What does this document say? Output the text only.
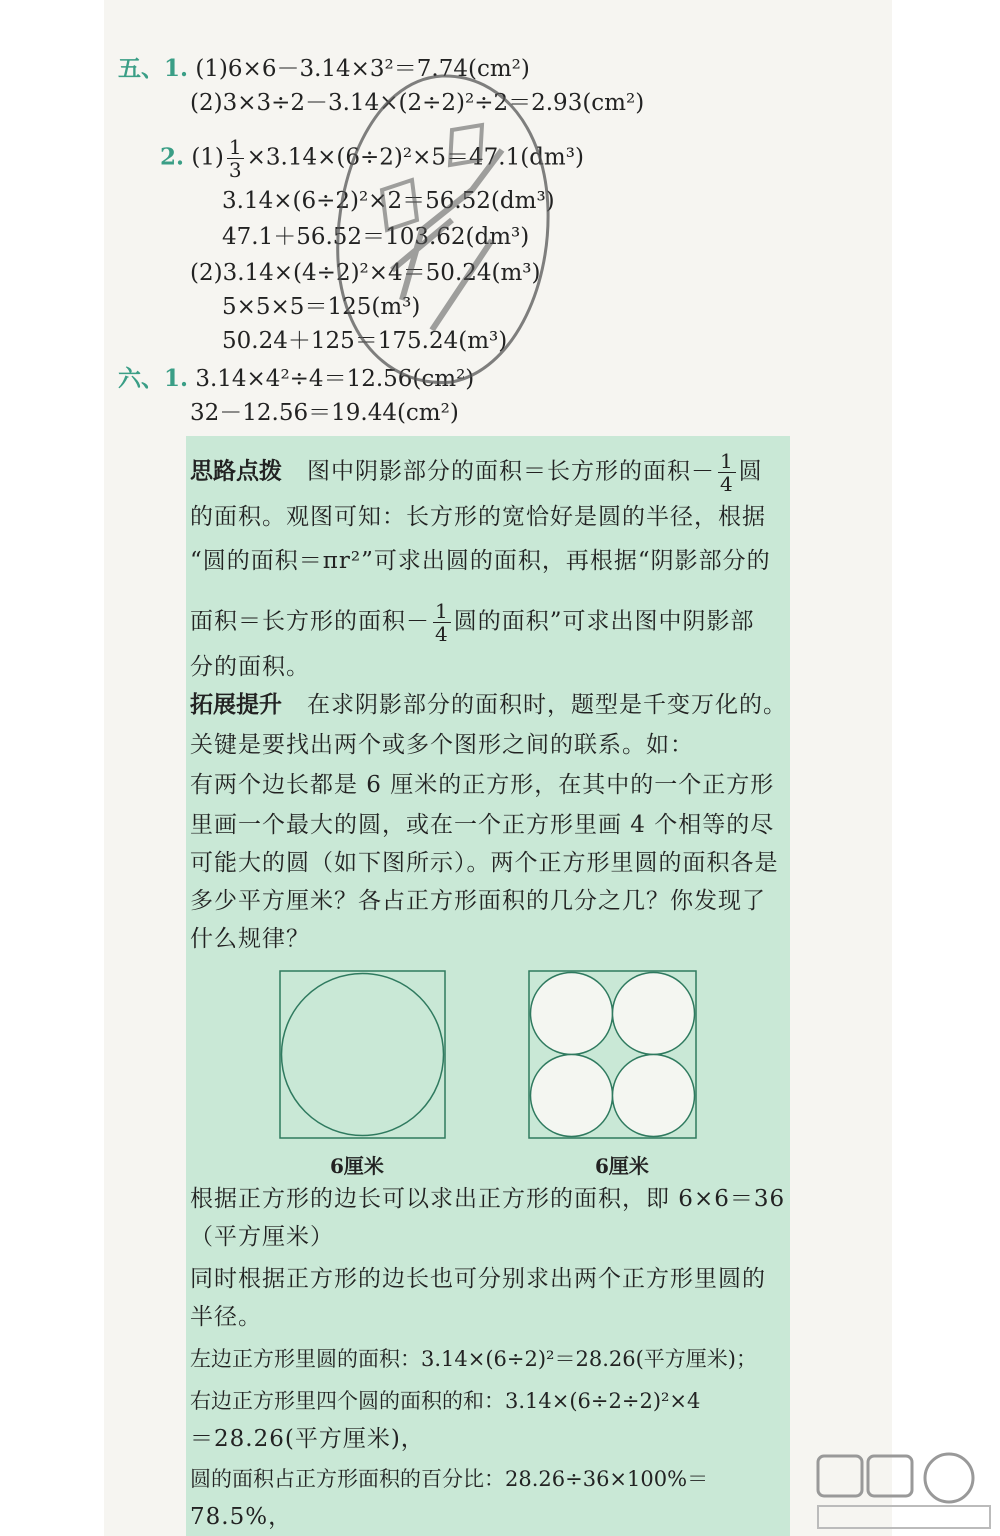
五、1. (1)6×6－3.14×3²＝7.74(cm²)
(2)3×3÷2－3.14×(2÷2)²÷2＝2.93(cm²)
2. $(1) \frac{1}{3} \times 3.14\times(6\div 2)^2\times 5=47.1(dm^3)$
3.14×(6÷2)²×2＝56.52(dm³)
47.1＋56.52＝103.62(dm³)
(2)3.14×(4÷2)²×4＝50.24(m³)
5×5×5＝125(m³)
50.24＋125＝175.24(m³)
六、1. 3.14×4²÷4＝12.56(cm²)
32－12.56＝19.44(cm²)
思路点拨 图中阴影部分的面积＝长方形的面积－ $\frac{1}{4}$ 圆
的面积。观图可知：长方形的宽恰好是圆的半径，根据
“圆的面积＝πr²”可求出圆的面积，再根据“阴影部分的
面积＝长方形的面积－ $\frac{1}{4}$ 圆的面积”可求出图中阴影部
分的面积。
拓展提升 在求阴影部分的面积时，题型是千变万化的。
关键是要找出两个或多个图形之间的联系。如：
有两个边长都是 6 厘米的正方形，在其中的一个正方形
里画一个最大的圆，或在一个正方形里画 4 个相等的尽
可能大的圆（如下图所示）。两个正方形里圆的面积各是
多少平方厘米？各占正方形面积的几分之几？你发现了
什么规律？
6厘米	6厘米
根据正方形的边长可以求出正方形的面积，即 6×6＝36
（平方厘米）
同时根据正方形的边长也可分别求出两个正方形里圆的
半径。
左边正方形里圆的面积：3.14×(6÷2)²＝28.26(平方厘米)；
右边正方形里四个圆的面积的和：3.14×(6÷2÷2)²×4
＝28.26(平方厘米)，
圆的面积占正方形面积的百分比：28.26÷36×100%＝
78.5%，
